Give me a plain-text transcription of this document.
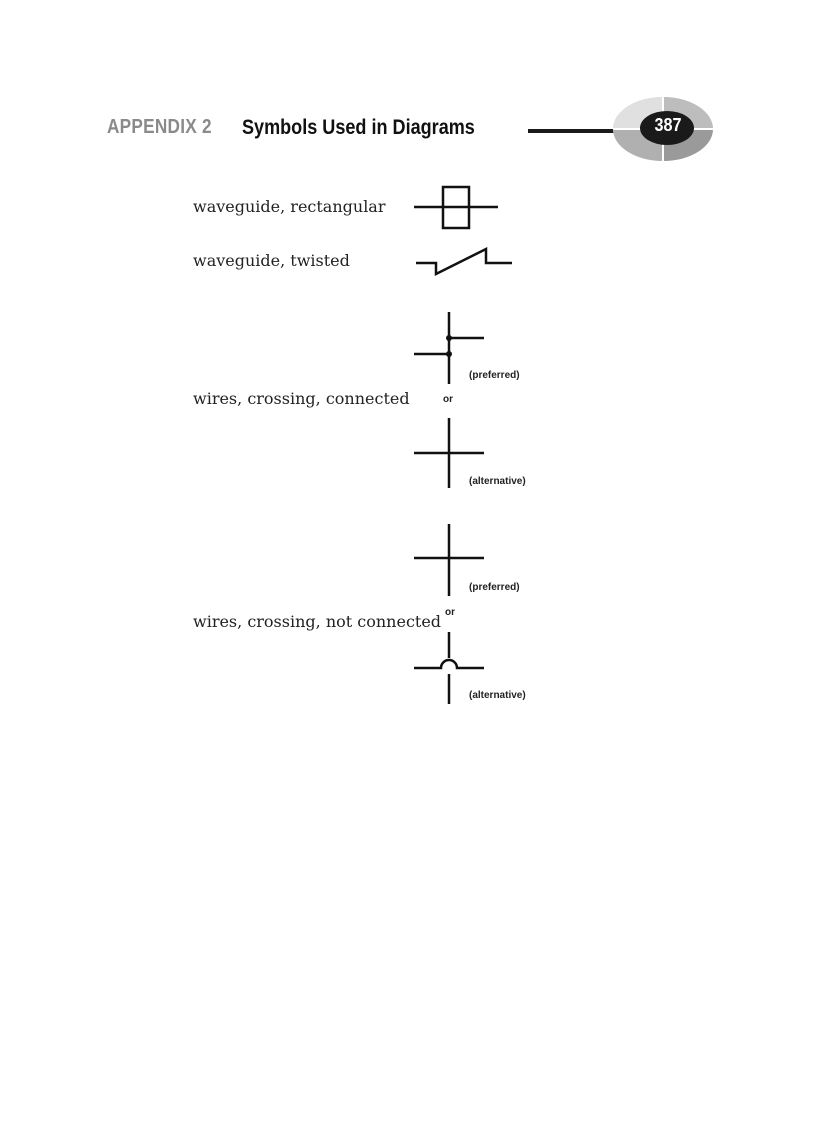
APPENDIX 2 Symbols Used in Diagrams	387
waveguide, rectangular
waveguide, twisted
wires, crossing, connected
(preferred)
or
(alternative)
wires, crossing, not connected
(preferred)
or
(alternative)
